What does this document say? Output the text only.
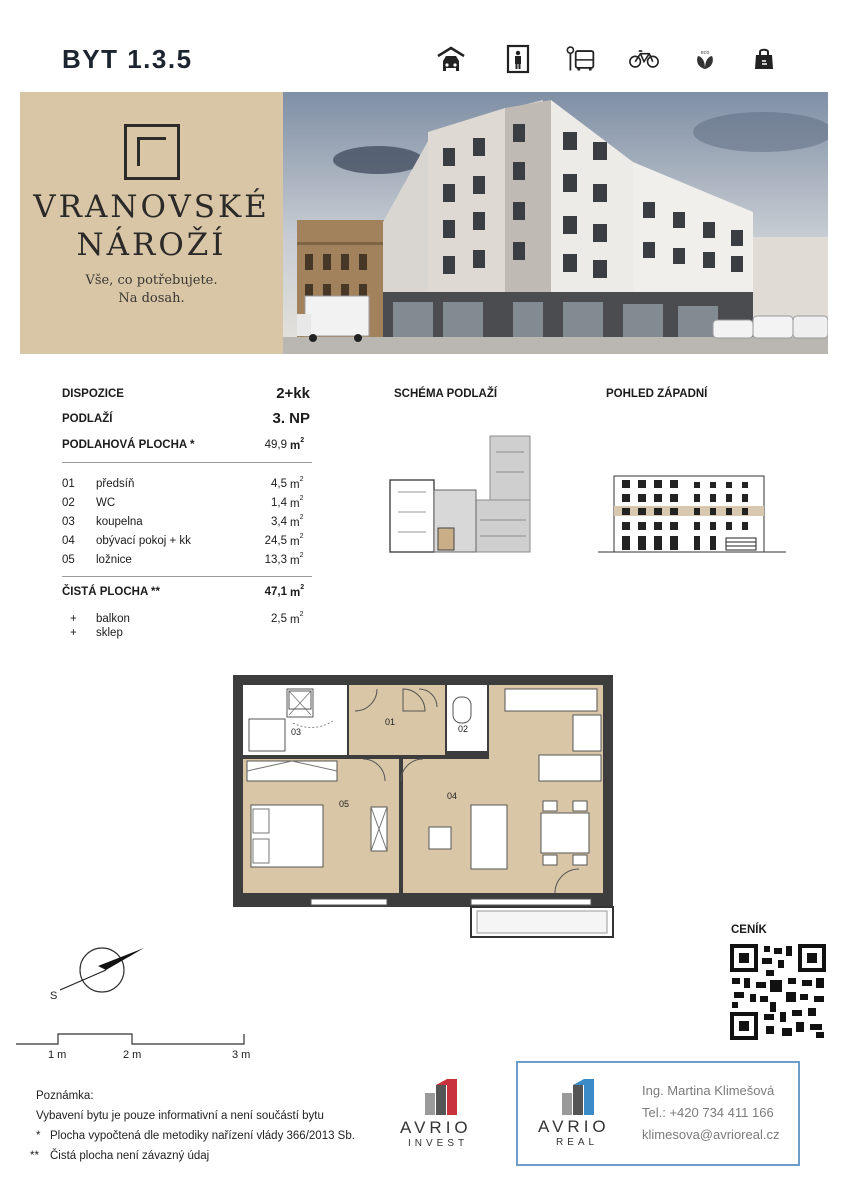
BYT 1.3.5	eco
VRANOVSKÉ
NÁROŽÍ
Vše, co potřebujete.
Na dosah.
DISPOZICE	2+kk
PODLAŽÍ	3. NP
PODLAHOVÁ PLOCHA *	49,9 $m^2$
01 předsíň	4,5 $m^2$
02 WC	1,4 $m^2$
03 koupelna	3,4 $m^2$
04 obývací pokoj + kk	24,5 $m^2$
05 ložnice	13,3 $m^2$
ČISTÁ PLOCHA **	47,1 $m^2$
+ balkon	2,5 $m^2$
+ sklep
SCHÉMA PODLAŽÍ	POHLED ZÁPADNÍ
01
02
03
04
05
S
1 m	2 m	3 m
CENÍK
Poznámka:
Vybavení bytu je pouze informativní a není součástí bytu
* Plocha vypočtená dle metodiky nařízení vlády 366/2013 Sb.
** Čistá plocha není závazný údaj
AVRIO
INVEST
AVRIO
REAL
Ing. Martina Klimešová
Tel.: +420 734 411 166
klimesova@avrioreal.cz
